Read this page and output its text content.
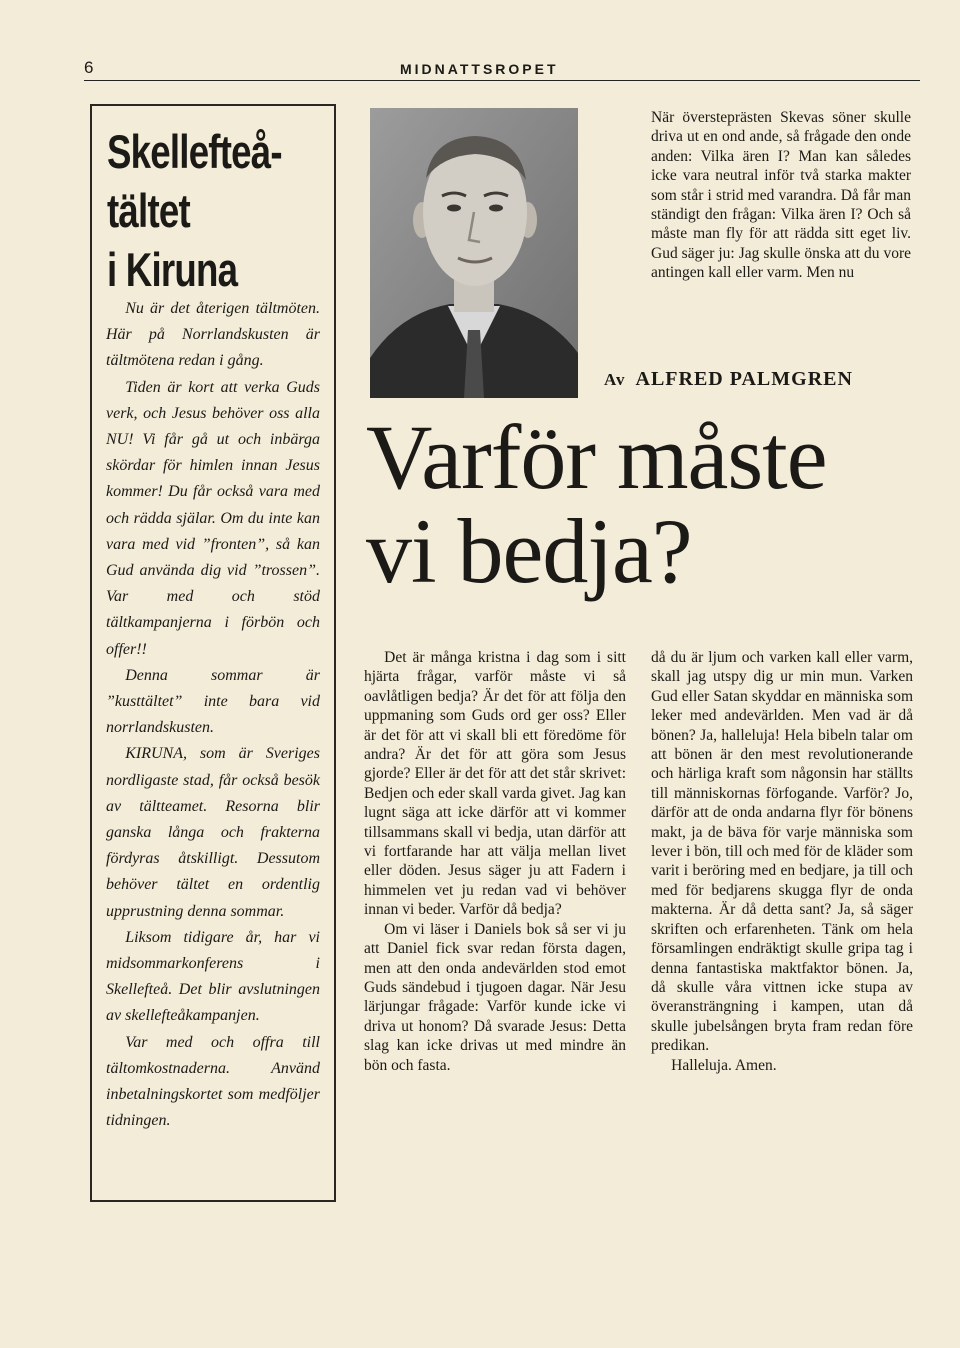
6	MIDNATTSROPET
Skellefteå-
tältet
i Kiruna

Nu är det återigen tältmöten. Här på Norrlandskusten är tältmötena redan i gång.

Tiden är kort att verka Guds verk, och Jesus behöver oss alla NU! Vi får gå ut och inbärga skördar för himlen innan Jesus kommer! Du får också vara med och rädda själar. Om du inte kan vara med vid ”fronten”, så kan Gud använda dig vid ”trossen”. Var med och stöd tältkampanjerna i förbön och offer!!

Denna sommar är ”kusttältet” inte bara vid norrlandskusten.

KIRUNA, som är Sveriges nordligaste stad, får också besök av tältteamet. Resorna blir ganska långa och frakterna fördyras åtskilligt. Dessutom behöver tältet en ordentlig upprustning denna sommar.

Liksom tidigare år, har vi midsommarkonferens i Skellefteå. Det blir avslutningen av skellefteåkampanjen.

Var med och offra till tältomkostnaderna. Använd inbetalningskortet som medföljer tidningen.

När översteprästen Skevas söner skulle driva ut en ond ande, så frågade den onde anden: Vilka ären I? Man kan således icke vara neutral inför två starka makter som står i strid med varandra. Då får man ständigt den frågan: Vilka ären I? Och så måste man fly för att rädda sitt eget liv. Gud säger ju: Jag skulle önska att du vore antingen kall eller varm. Men nu

Av ALFRED PALMGREN
Varför måste
vi bedja?

Det är många kristna i dag som i sitt hjärta frågar, varför måste vi så oavlåtligen bedja? Är det för att följa den uppmaning som Guds ord ger oss? Eller är det för att vi skall bli ett föredöme för andra? Är det för att göra som Jesus gjorde? Eller är det för att det står skrivet: Bedjen och eder skall varda givet. Jag kan lugnt säga att icke därför att vi kommer tillsammans skall vi bedja, utan därför att vi fortfarande har att välja mellan livet eller döden. Jesus säger ju att Fadern i himmelen vet ju redan vad vi behöver innan vi beder. Varför då bedja?

Om vi läser i Daniels bok så ser vi ju att Daniel fick svar redan första dagen, men att den onda andevärlden stod emot Guds sändebud i tjugoen dagar. När Jesu lärjungar frågade: Varför kunde icke vi driva ut honom? Då svarade Jesus: Detta slag kan icke drivas ut med mindre än bön och fasta.

då du är ljum och varken kall eller varm, skall jag utspy dig ur min mun. Varken Gud eller Satan skyddar en människa som leker med andevärlden. Men vad är då bönen? Ja, halleluja! Hela bibeln talar om att bönen är den mest revolutionerande och härliga kraft som någonsin har ställts till människornas förfogande. Varför? Jo, därför att de onda andarna flyr för bönens makt, ja de bäva för varje människa som lever i bön, till och med för de kläder som varit i beröring med en bedjare, ja till och med för bedjarens skugga flyr de onda makterna. Är då detta sant? Ja, så säger skriften och erfarenheten. Tänk om hela församlingen endräktigt skulle gripa tag i denna fantastiska maktfaktor bönen. Ja, då skulle våra vittnen icke stupa av överansträngning i kampen, utan då skulle jubelsången bryta fram redan före predikan.

Halleluja. Amen.
